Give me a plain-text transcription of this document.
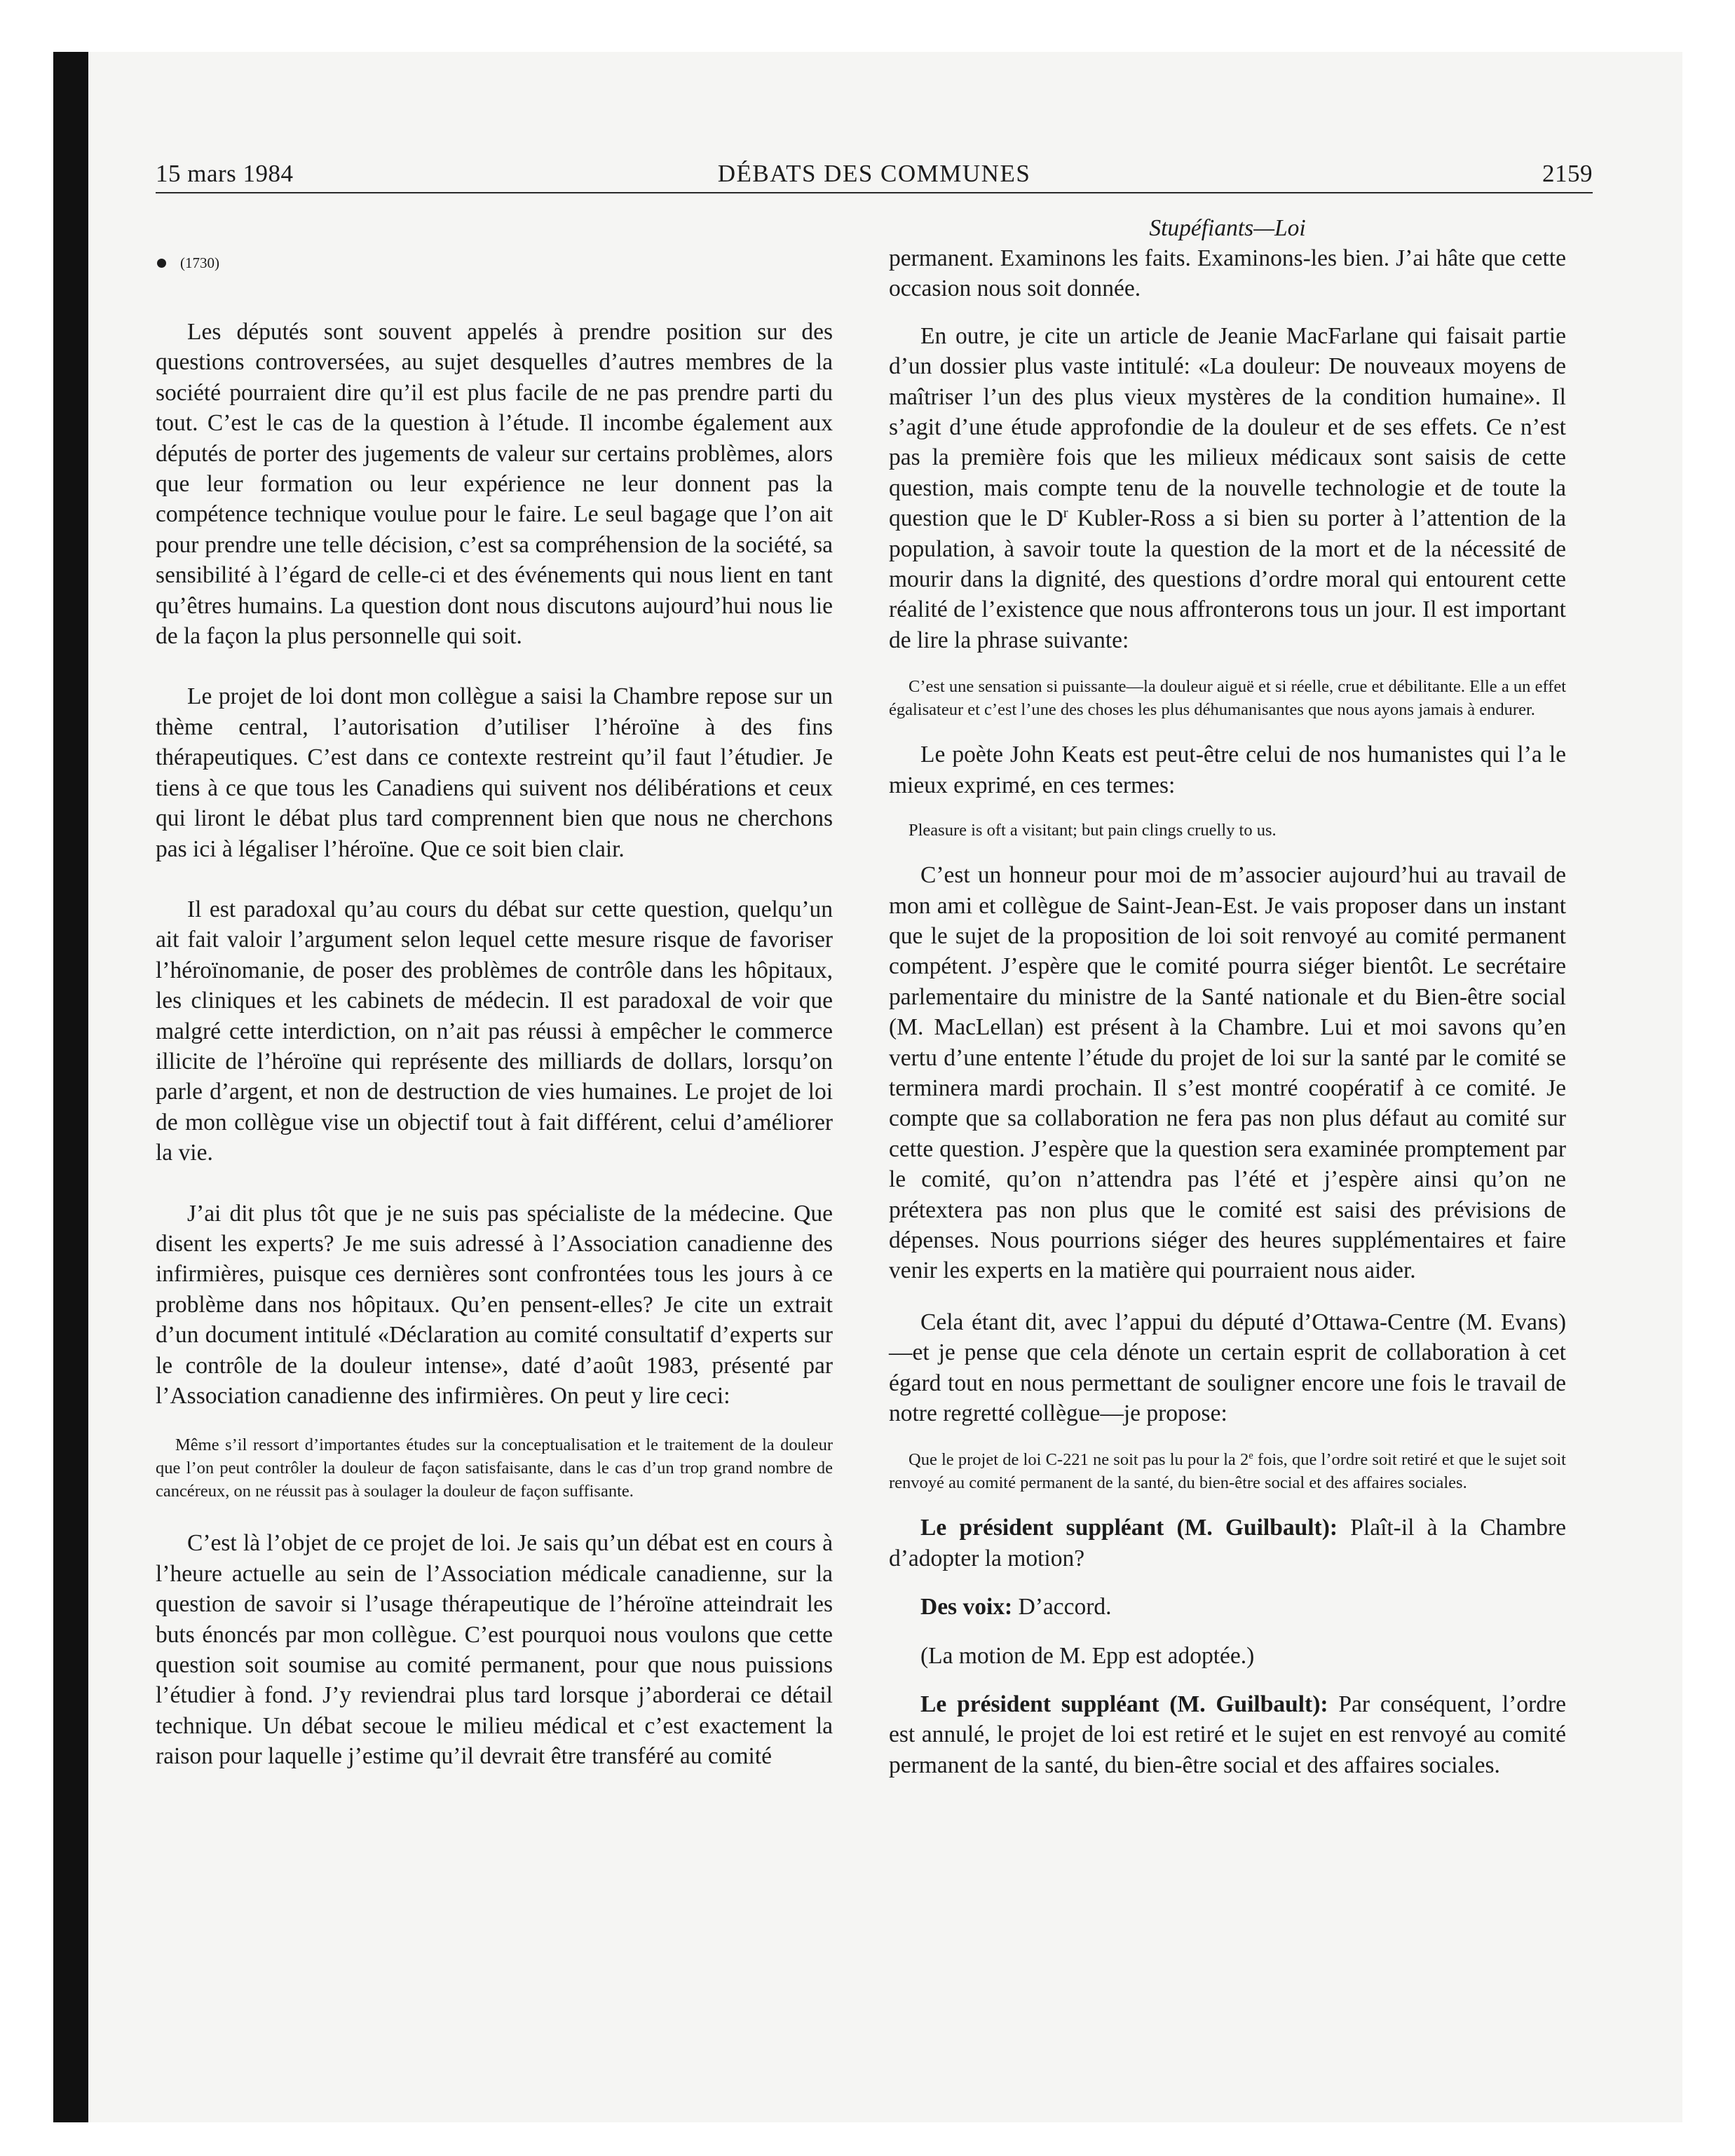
15 mars 1984	DÉBATS DES COMMUNES	2159
(1730)

Les députés sont souvent appelés à prendre position sur des questions controversées, au sujet desquelles d’autres membres de la société pourraient dire qu’il est plus facile de ne pas prendre parti du tout. C’est le cas de la question à l’étude. Il incombe également aux députés de porter des jugements de valeur sur certains problèmes, alors que leur formation ou leur expérience ne leur donnent pas la compétence technique voulue pour le faire. Le seul bagage que l’on ait pour prendre une telle décision, c’est sa compréhension de la société, sa sensibilité à l’égard de celle-ci et des événements qui nous lient en tant qu’êtres humains. La question dont nous discutons aujourd’hui nous lie de la façon la plus personnelle qui soit.

Le projet de loi dont mon collègue a saisi la Chambre repose sur un thème central, l’autorisation d’utiliser l’héroïne à des fins thérapeutiques. C’est dans ce contexte restreint qu’il faut l’étudier. Je tiens à ce que tous les Canadiens qui suivent nos délibérations et ceux qui liront le débat plus tard comprennent bien que nous ne cherchons pas ici à légaliser l’héroïne. Que ce soit bien clair.

Il est paradoxal qu’au cours du débat sur cette question, quelqu’un ait fait valoir l’argument selon lequel cette mesure risque de favoriser l’héroïnomanie, de poser des problèmes de contrôle dans les hôpitaux, les cliniques et les cabinets de médecin. Il est paradoxal de voir que malgré cette interdiction, on n’ait pas réussi à empêcher le commerce illicite de l’héroïne qui représente des milliards de dollars, lorsqu’on parle d’argent, et non de destruction de vies humaines. Le projet de loi de mon collègue vise un objectif tout à fait différent, celui d’améliorer la vie.

J’ai dit plus tôt que je ne suis pas spécialiste de la médecine. Que disent les experts? Je me suis adressé à l’Association canadienne des infirmières, puisque ces dernières sont confrontées tous les jours à ce problème dans nos hôpitaux. Qu’en pensent-elles? Je cite un extrait d’un document intitulé «Déclaration au comité consultatif d’experts sur le contrôle de la douleur intense», daté d’août 1983, présenté par l’Association canadienne des infirmières. On peut y lire ceci:

Même s’il ressort d’importantes études sur la conceptualisation et le traitement de la douleur que l’on peut contrôler la douleur de façon satisfaisante, dans le cas d’un trop grand nombre de cancéreux, on ne réussit pas à soulager la douleur de façon suffisante.

C’est là l’objet de ce projet de loi. Je sais qu’un débat est en cours à l’heure actuelle au sein de l’Association médicale canadienne, sur la question de savoir si l’usage thérapeutique de l’héroïne atteindrait les buts énoncés par mon collègue. C’est pourquoi nous voulons que cette question soit soumise au comité permanent, pour que nous puissions l’étudier à fond. J’y reviendrai plus tard lorsque j’aborderai ce détail technique. Un débat secoue le milieu médical et c’est exactement la raison pour laquelle j’estime qu’il devrait être transféré au comité

Stupéfiants—Loi

permanent. Examinons les faits. Examinons-les bien. J’ai hâte que cette occasion nous soit donnée.

En outre, je cite un article de Jeanie MacFarlane qui faisait partie d’un dossier plus vaste intitulé: «La douleur: De nouveaux moyens de maîtriser l’un des plus vieux mystères de la condition humaine». Il s’agit d’une étude approfondie de la douleur et de ses effets. Ce n’est pas la première fois que les milieux médicaux sont saisis de cette question, mais compte tenu de la nouvelle technologie et de toute la question que le $D^r$ Kubler-Ross a si bien su porter à l’attention de la population, à savoir toute la question de la mort et de la nécessité de mourir dans la dignité, des questions d’ordre moral qui entourent cette réalité de l’existence que nous affronterons tous un jour. Il est important de lire la phrase suivante:

C’est une sensation si puissante—la douleur aiguë et si réelle, crue et débilitante. Elle a un effet égalisateur et c’est l’une des choses les plus déhumanisantes que nous ayons jamais à endurer.

Le poète John Keats est peut-être celui de nos humanistes qui l’a le mieux exprimé, en ces termes:

Pleasure is oft a visitant; but pain clings cruelly to us.

C’est un honneur pour moi de m’associer aujourd’hui au travail de mon ami et collègue de Saint-Jean-Est. Je vais proposer dans un instant que le sujet de la proposition de loi soit renvoyé au comité permanent compétent. J’espère que le comité pourra siéger bientôt. Le secrétaire parlementaire du ministre de la Santé nationale et du Bien-être social (M. MacLellan) est présent à la Chambre. Lui et moi savons qu’en vertu d’une entente l’étude du projet de loi sur la santé par le comité se terminera mardi prochain. Il s’est montré coopératif à ce comité. Je compte que sa collaboration ne fera pas non plus défaut au comité sur cette question. J’espère que la question sera examinée promptement par le comité, qu’on n’attendra pas l’été et j’espère ainsi qu’on ne prétextera pas non plus que le comité est saisi des prévisions de dépenses. Nous pourrions siéger des heures supplémentaires et faire venir les experts en la matière qui pourraient nous aider.

Cela étant dit, avec l’appui du député d’Ottawa-Centre (M. Evans)—et je pense que cela dénote un certain esprit de collaboration à cet égard tout en nous permettant de souligner encore une fois le travail de notre regretté collègue—je propose:

Que le projet de loi C-221 ne soit pas lu pour la 2e fois, que l’ordre soit retiré et que le sujet soit renvoyé au comité permanent de la santé, du bien-être social et des affaires sociales.

Le président suppléant (M. Guilbault): Plaît-il à la Chambre d’adopter la motion?

Des voix: D’accord.

(La motion de M. Epp est adoptée.)

Le président suppléant (M. Guilbault): Par conséquent, l’ordre est annulé, le projet de loi est retiré et le sujet en est renvoyé au comité permanent de la santé, du bien-être social et des affaires sociales.
